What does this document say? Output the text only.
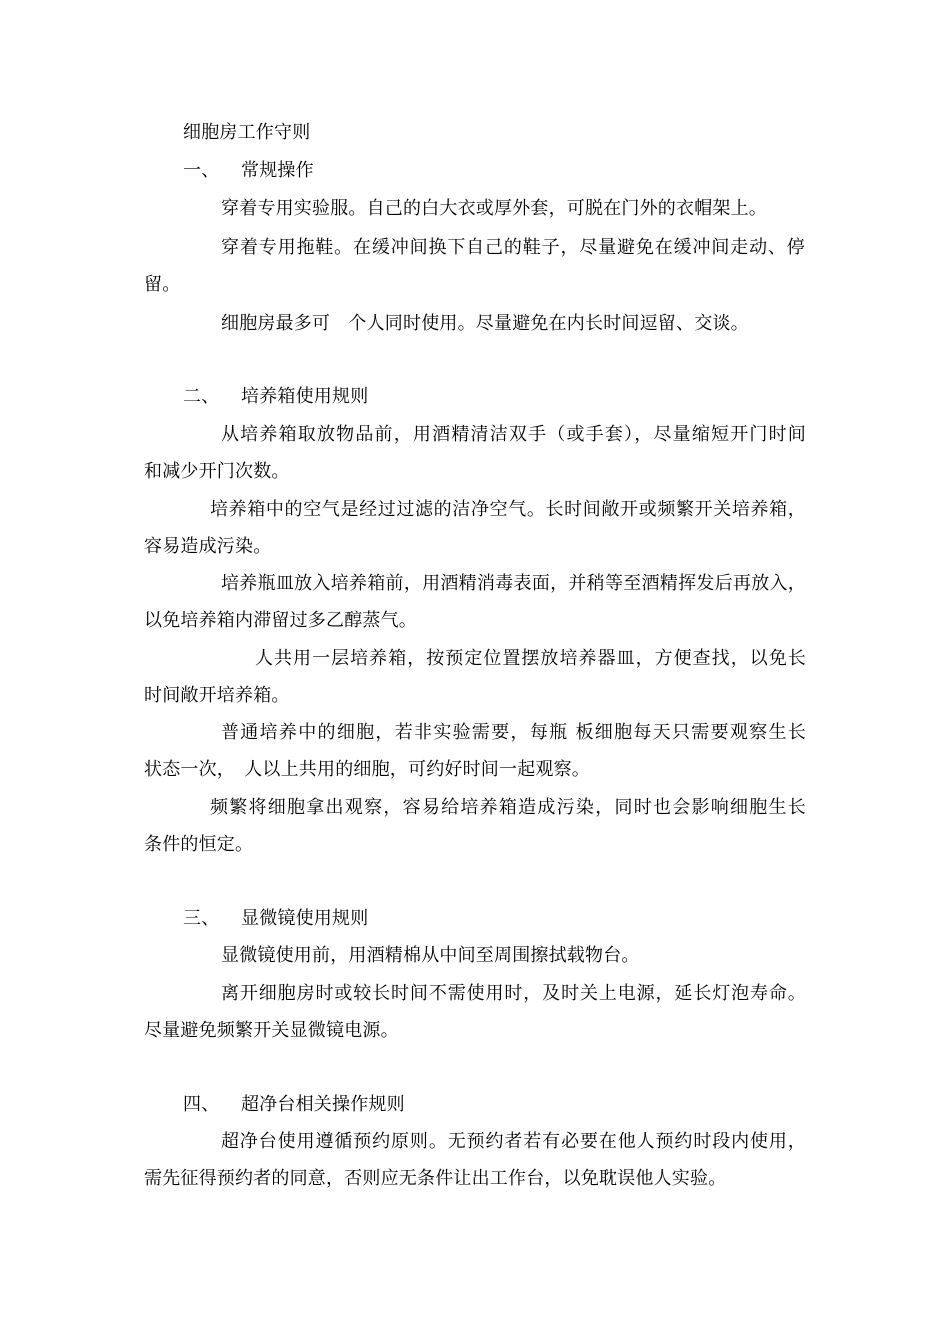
细胞房工作守则
一、 常规操作
穿着专用实验服。自己的白大衣或厚外套，可脱在门外的衣帽架上。
穿着专用拖鞋。在缓冲间换下自己的鞋子，尽量避免在缓冲间走动、停
留。
细胞房最多可　个人同时使用。尽量避免在内长时间逗留、交谈。
二、 培养箱使用规则
从培养箱取放物品前，用酒精清洁双手（或手套），尽量缩短开门时间
和减少开门次数。
培养箱中的空气是经过过滤的洁净空气。长时间敞开或频繁开关培养箱，
容易造成污染。
培养瓶皿放入培养箱前，用酒精消毒表面，并稍等至酒精挥发后再放入，
以免培养箱内滞留过多乙醇蒸气。
人共用一层培养箱，按预定位置摆放培养器皿，方便查找，以免长
时间敞开培养箱。
普通培养中的细胞，若非实验需要，每瓶 板细胞每天只需要观察生长
状态一次，　人以上共用的细胞，可约好时间一起观察。
频繁将细胞拿出观察，容易给培养箱造成污染，同时也会影响细胞生长
条件的恒定。
三、 显微镜使用规则
显微镜使用前，用酒精棉从中间至周围擦拭载物台。
离开细胞房时或较长时间不需使用时，及时关上电源，延长灯泡寿命。
尽量避免频繁开关显微镜电源。
四、 超净台相关操作规则
超净台使用遵循预约原则。无预约者若有必要在他人预约时段内使用，
需先征得预约者的同意，否则应无条件让出工作台，以免耽误他人实验。
